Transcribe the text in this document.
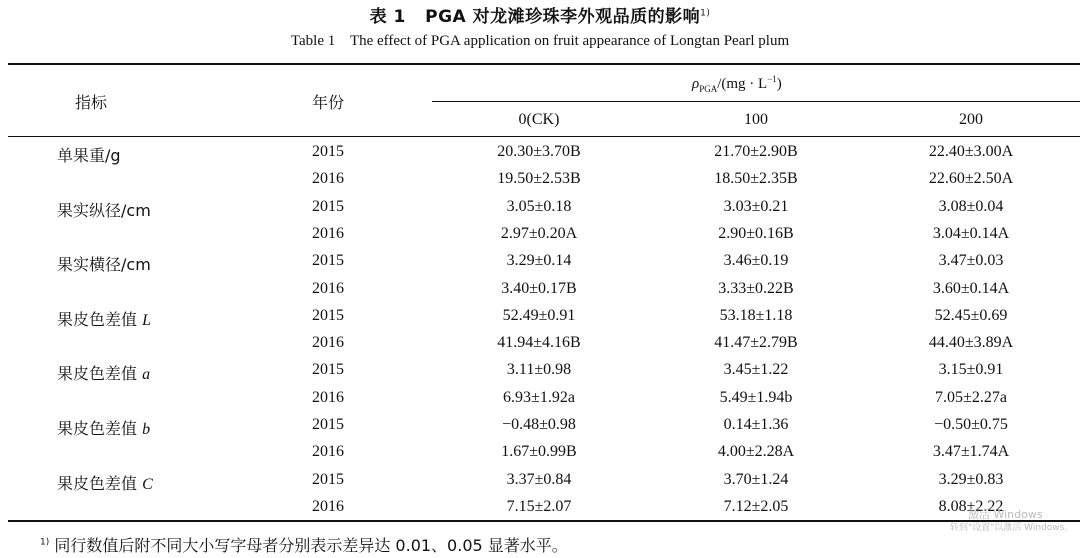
表 1 PGA 对龙滩珍珠李外观品质的影响$^{1)}$
Table 1    The effect of PGA application on fruit appearance of Longtan Pearl plum
指标	年份
$\rho_{PGA}/(mg \cdot L^{-1})$
0(CK)	100	200
单果重/g	2015	20.30±3.70B	21.70±2.90B	22.40±3.00A
2016	19.50±2.53B	18.50±2.35B	22.60±2.50A
果实纵径/cm	2015	3.05±0.18	3.03±0.21	3.08±0.04
2016	2.97±0.20A	2.90±0.16B	3.04±0.14A
果实横径/cm	2015	3.29±0.14	3.46±0.19	3.47±0.03
2016	3.40±0.17B	3.33±0.22B	3.60±0.14A
果皮色差值 L	2015	52.49±0.91	53.18±1.18	52.45±0.69
2016	41.94±4.16B	41.47±2.79B	44.40±3.89A
果皮色差值 a	2015	3.11±0.98	3.45±1.22	3.15±0.91
2016	6.93±1.92a	5.49±1.94b	7.05±2.27a
果皮色差值 b	2015	−0.48±0.98	0.14±1.36	−0.50±0.75
2016	1.67±0.99B	4.00±2.28A	3.47±1.74A
果皮色差值 C	2015	3.37±0.84	3.70±1.24	3.29±0.83
2016	7.15±2.07	7.12±2.05	8.08±2.22
$^{1)}$ 同行数值后附不同大小写字母者分别表示差异达 0.01、0.05 显著水平。
激活 Windows
转到"设置"以激活 Windows。
